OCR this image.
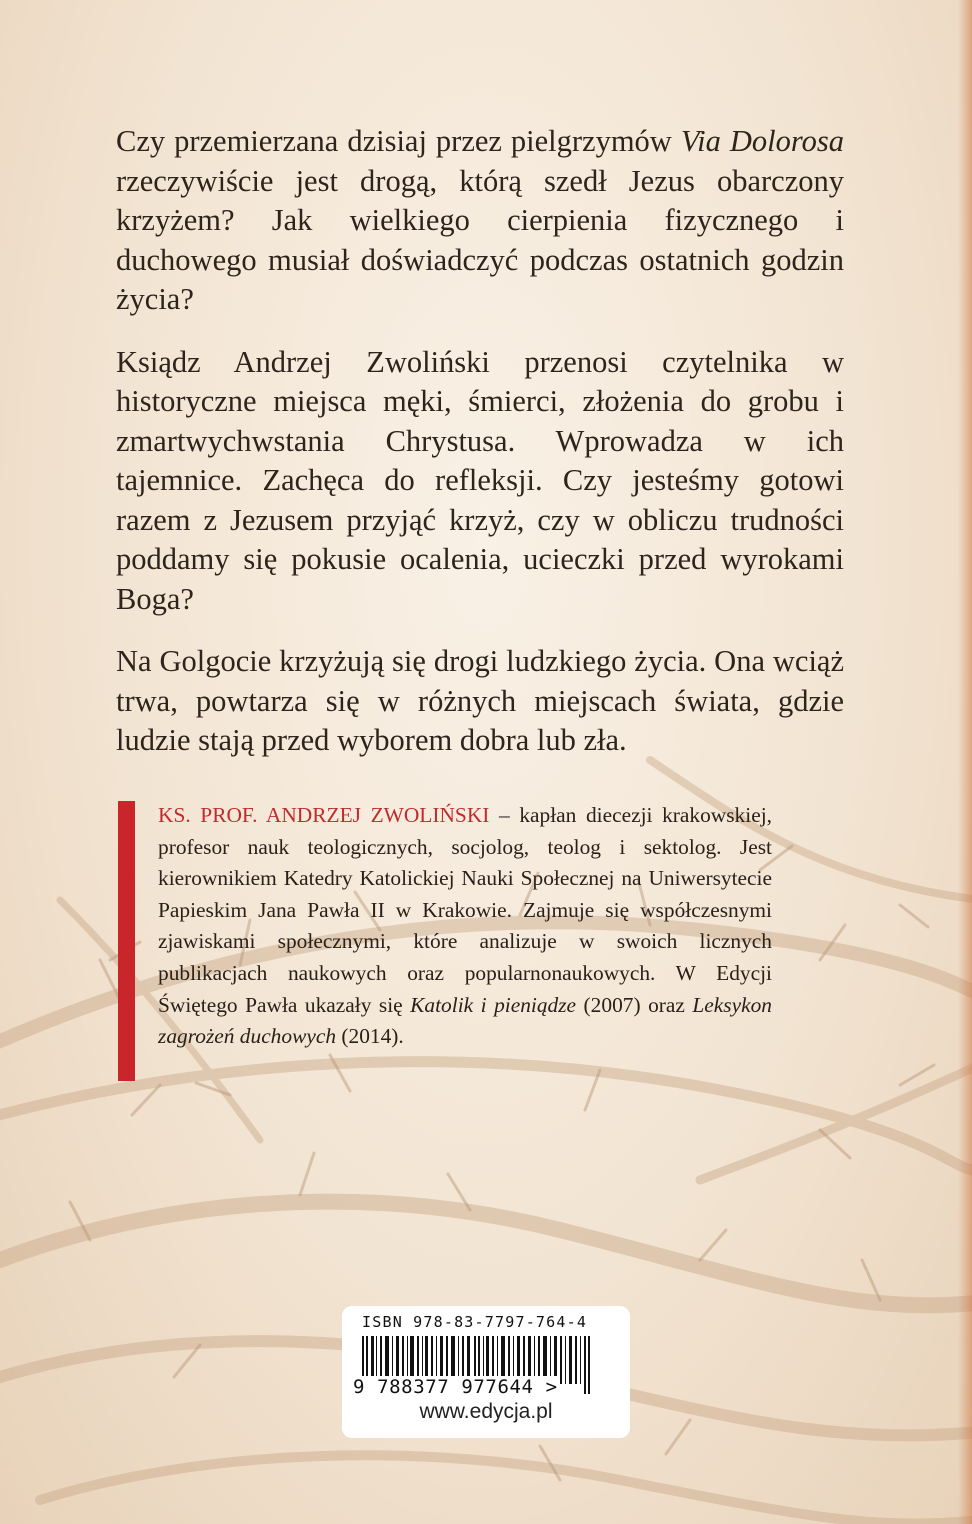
Czy przemierzana dzisiaj przez pielgrzymów Via Dolorosa rzeczywiście jest drogą, którą szedł Jezus obarczony krzyżem? Jak wielkiego cierpienia fizycznego i duchowego musiał doświadczyć podczas ostatnich godzin życia?

Ksiądz Andrzej Zwoliński przenosi czytelnika w historyczne miejsca męki, śmierci, złożenia do grobu i zmartwychwstania Chrystusa. Wprowadza w ich tajemnice. Zachęca do refleksji. Czy jesteśmy gotowi razem z Jezusem przyjąć krzyż, czy w obliczu trudności poddamy się pokusie ocalenia, ucieczki przed wyrokami Boga?

Na Golgocie krzyżują się drogi ludzkiego życia. Ona wciąż trwa, powtarza się w różnych miejscach świata, gdzie ludzie stają przed wyborem dobra lub zła.

KS. PROF. ANDRZEJ ZWOLIŃSKI – kapłan diecezji krakowskiej, profesor nauk teologicznych, socjolog, teolog i sektolog. Jest kierownikiem Katedry Katolickiej Nauki Społecznej na Uniwersytecie Papieskim Jana Pawła II w Krakowie. Zajmuje się współczesnymi zjawiskami społecznymi, które analizuje w swoich licznych publikacjach naukowych oraz popularnonaukowych. W Edycji Świętego Pawła ukazały się Katolik i pieniądze (2007) oraz Leksykon zagrożeń duchowych (2014).
ISBN 978-83-7797-764-4
9 788377 977644 >
www.edycja.pl
